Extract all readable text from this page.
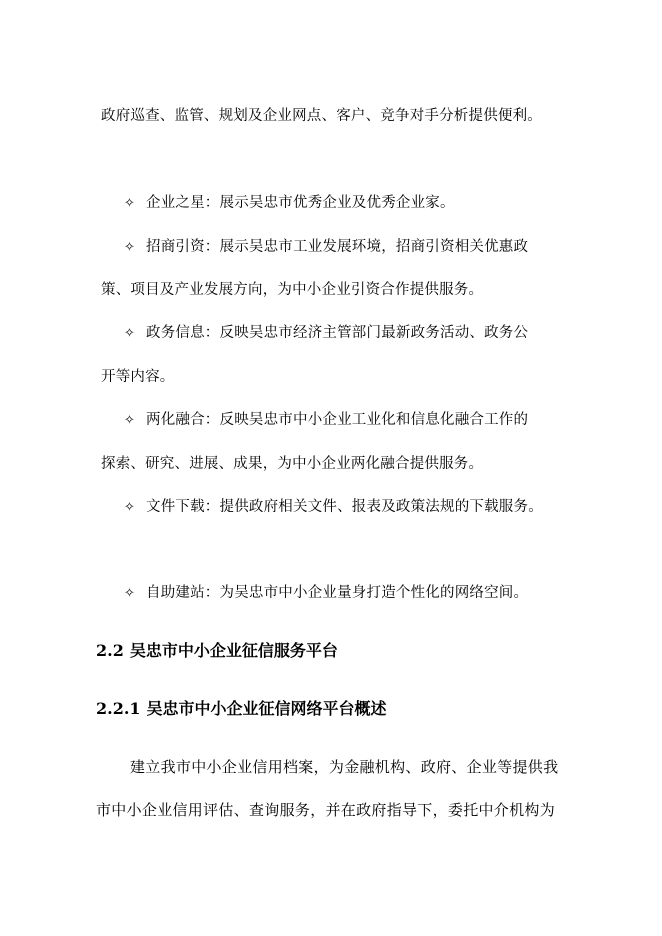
政府巡查、监管、规划及企业网点、客户、竞争对手分析提供便利。
✧ 企业之星：展示吴忠市优秀企业及优秀企业家。
✧ 招商引资：展示吴忠市工业发展环境，招商引资相关优惠政
策、项目及产业发展方向，为中小企业引资合作提供服务。
✧ 政务信息：反映吴忠市经济主管部门最新政务活动、政务公
开等内容。
✧ 两化融合：反映吴忠市中小企业工业化和信息化融合工作的
探索、研究、进展、成果，为中小企业两化融合提供服务。
✧ 文件下载：提供政府相关文件、报表及政策法规的下载服务。
✧ 自助建站：为吴忠市中小企业量身打造个性化的网络空间。
2.2 吴忠市中小企业征信服务平台
2.2.1 吴忠市中小企业征信网络平台概述
建立我市中小企业信用档案，为金融机构、政府、企业等提供我
市中小企业信用评估、查询服务，并在政府指导下，委托中介机构为
